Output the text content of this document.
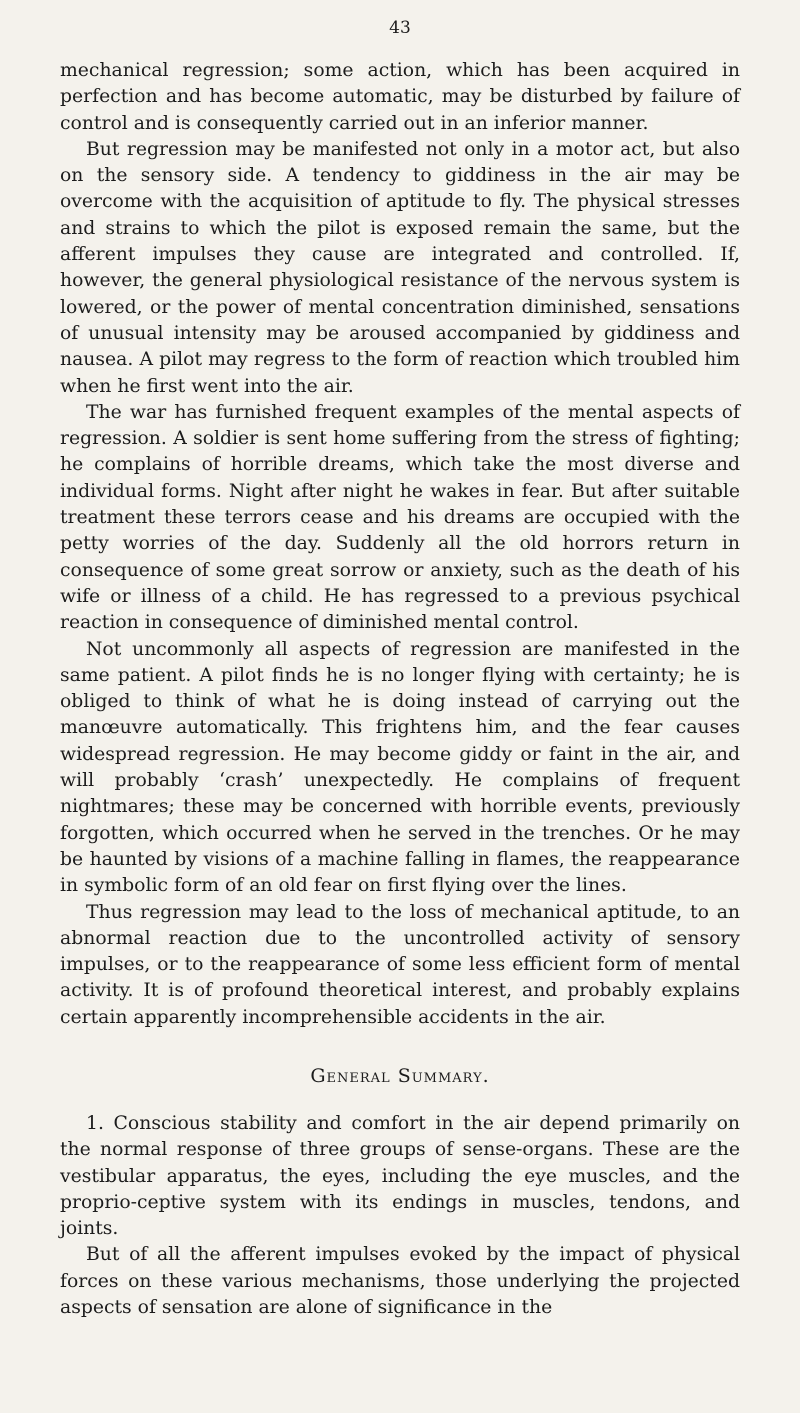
43

mechanical regression; some action, which has been acquired in perfection and has become automatic, may be disturbed by failure of control and is consequently carried out in an inferior manner.

But regression may be manifested not only in a motor act, but also on the sensory side. A tendency to giddiness in the air may be overcome with the acquisition of aptitude to fly. The physical stresses and strains to which the pilot is exposed remain the same, but the afferent impulses they cause are integrated and controlled. If, however, the general physiological resistance of the nervous system is lowered, or the power of mental concentration diminished, sensations of unusual intensity may be aroused accompanied by giddiness and nausea. A pilot may regress to the form of reaction which troubled him when he first went into the air.

The war has furnished frequent examples of the mental aspects of regression. A soldier is sent home suffering from the stress of fighting; he complains of horrible dreams, which take the most diverse and individual forms. Night after night he wakes in fear. But after suitable treatment these terrors cease and his dreams are occupied with the petty worries of the day. Suddenly all the old horrors return in consequence of some great sorrow or anxiety, such as the death of his wife or illness of a child. He has regressed to a previous psychical reaction in consequence of diminished mental control.

Not uncommonly all aspects of regression are manifested in the same patient. A pilot finds he is no longer flying with certainty; he is obliged to think of what he is doing instead of carrying out the manœuvre automatically. This frightens him, and the fear causes widespread regression. He may become giddy or faint in the air, and will probably ‘crash’ unexpectedly. He complains of frequent nightmares; these may be concerned with horrible events, previously forgotten, which occurred when he served in the trenches. Or he may be haunted by visions of a machine falling in flames, the reappearance in symbolic form of an old fear on first flying over the lines.

Thus regression may lead to the loss of mechanical aptitude, to an abnormal reaction due to the uncontrolled activity of sensory impulses, or to the reappearance of some less efficient form of mental activity. It is of profound theoretical interest, and probably explains certain apparently incomprehensible accidents in the air.

General Summary.

1. Conscious stability and comfort in the air depend primarily on the normal response of three groups of sense-organs. These are the vestibular apparatus, the eyes, including the eye muscles, and the proprio-ceptive system with its endings in muscles, tendons, and joints.

But of all the afferent impulses evoked by the impact of physical forces on these various mechanisms, those underlying the projected aspects of sensation are alone of significance in the
